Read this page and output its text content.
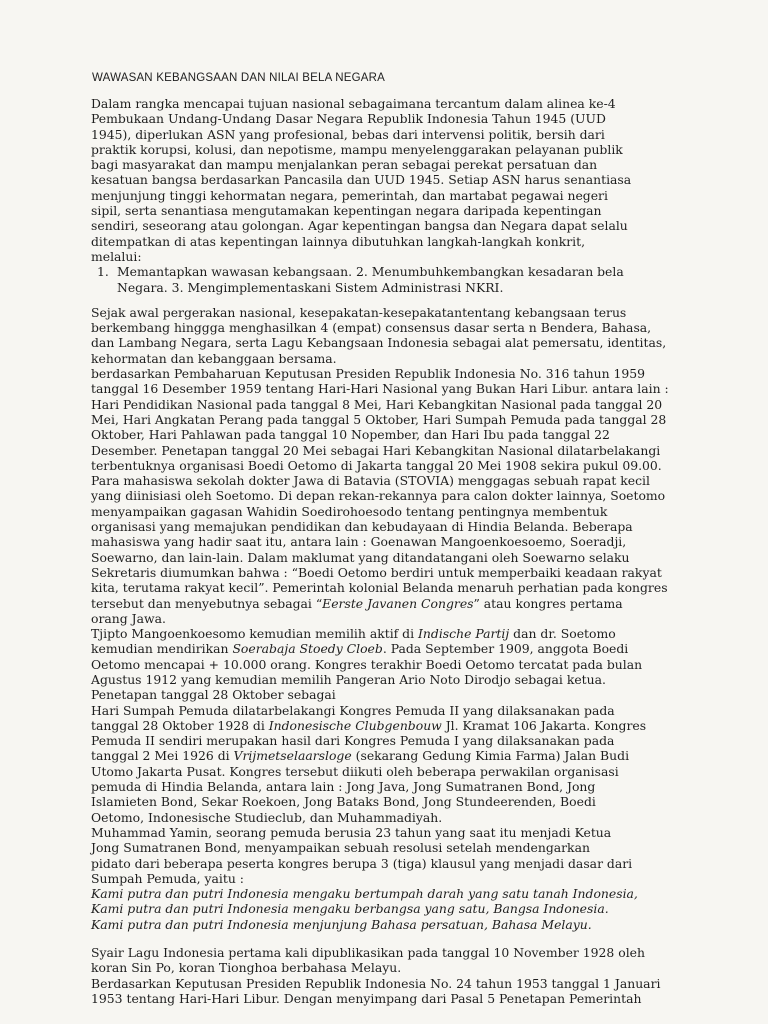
WAWASAN KEBANGSAAN DAN NILAI BELA NEGARA
Dalam rangka mencapai tujuan nasional sebagaimana tercantum dalam alinea ke-4
Pembukaan Undang-Undang Dasar Negara Republik Indonesia Tahun 1945 (UUD
1945), diperlukan ASN yang profesional, bebas dari intervensi politik, bersih dari
praktik korupsi, kolusi, dan nepotisme, mampu menyelenggarakan pelayanan publik
bagi masyarakat dan mampu menjalankan peran sebagai perekat persatuan dan
kesatuan bangsa berdasarkan Pancasila dan UUD 1945. Setiap ASN harus senantiasa
menjunjung tinggi kehormatan negara, pemerintah, dan martabat pegawai negeri
sipil, serta senantiasa mengutamakan kepentingan negara daripada kepentingan
sendiri, seseorang atau golongan. Agar kepentingan bangsa dan Negara dapat selalu
ditempatkan di atas kepentingan lainnya dibutuhkan langkah-langkah konkrit,
melalui:
1. Memantapkan wawasan kebangsaan. 2. Menumbuhkembangkan kesadaran bela
Negara. 3. Mengimplementaskani Sistem Administrasi NKRI.
Sejak awal pergerakan nasional, kesepakatan-kesepakatantentang kebangsaan terus
berkembang hinggga menghasilkan 4 (empat) consensus dasar serta n Bendera, Bahasa,
dan Lambang Negara, serta Lagu Kebangsaan Indonesia sebagai alat pemersatu, identitas,
kehormatan dan kebanggaan bersama.
berdasarkan Pembaharuan Keputusan Presiden Republik Indonesia No. 316 tahun 1959
tanggal 16 Desember 1959 tentang Hari-Hari Nasional yang Bukan Hari Libur. antara lain :
Hari Pendidikan Nasional pada tanggal 8 Mei, Hari Kebangkitan Nasional pada tanggal 20
Mei, Hari Angkatan Perang pada tanggal 5 Oktober, Hari Sumpah Pemuda pada tanggal 28
Oktober, Hari Pahlawan pada tanggal 10 Nopember, dan Hari Ibu pada tanggal 22
Desember. Penetapan tanggal 20 Mei sebagai Hari Kebangkitan Nasional dilatarbelakangi
terbentuknya organisasi Boedi Oetomo di Jakarta tanggal 20 Mei 1908 sekira pukul 09.00.
Para mahasiswa sekolah dokter Jawa di Batavia (STOVIA) menggagas sebuah rapat kecil
yang diinisiasi oleh Soetomo. Di depan rekan-rekannya para calon dokter lainnya, Soetomo
menyampaikan gagasan Wahidin Soedirohoesodo tentang pentingnya membentuk
organisasi yang memajukan pendidikan dan kebudayaan di Hindia Belanda. Beberapa
mahasiswa yang hadir saat itu, antara lain : Goenawan Mangoenkoesoemo, Soeradji,
Soewarno, dan lain-lain. Dalam maklumat yang ditandatangani oleh Soewarno selaku
Sekretaris diumumkan bahwa : “Boedi Oetomo berdiri untuk memperbaiki keadaan rakyat
kita, terutama rakyat kecil”. Pemerintah kolonial Belanda menaruh perhatian pada kongres
tersebut dan menyebutnya sebagai “Eerste Javanen Congres” atau kongres pertama
orang Jawa.
Tjipto Mangoenkoesomo kemudian memilih aktif di Indische Partij dan dr. Soetomo
kemudian mendirikan Soerabaja Stoedy Cloeb. Pada September 1909, anggota Boedi
Oetomo mencapai + 10.000 orang. Kongres terakhir Boedi Oetomo tercatat pada bulan
Agustus 1912 yang kemudian memilih Pangeran Ario Noto Dirodjo sebagai ketua.
Penetapan tanggal 28 Oktober sebagai
Hari Sumpah Pemuda dilatarbelakangi Kongres Pemuda II yang dilaksanakan pada
tanggal 28 Oktober 1928 di Indonesische Clubgenbouw Jl. Kramat 106 Jakarta. Kongres
Pemuda II sendiri merupakan hasil dari Kongres Pemuda I yang dilaksanakan pada
tanggal 2 Mei 1926 di Vrijmetselaarsloge (sekarang Gedung Kimia Farma) Jalan Budi
Utomo Jakarta Pusat. Kongres tersebut diikuti oleh beberapa perwakilan organisasi
pemuda di Hindia Belanda, antara lain : Jong Java, Jong Sumatranen Bond, Jong
Islamieten Bond, Sekar Roekoen, Jong Bataks Bond, Jong Stundeerenden, Boedi
Oetomo, Indonesische Studieclub, dan Muhammadiyah.
Muhammad Yamin, seorang pemuda berusia 23 tahun yang saat itu menjadi Ketua
Jong Sumatranen Bond, menyampaikan sebuah resolusi setelah mendengarkan
pidato dari beberapa peserta kongres berupa 3 (tiga) klausul yang menjadi dasar dari
Sumpah Pemuda, yaitu :
Kami putra dan putri Indonesia mengaku bertumpah darah yang satu tanah Indonesia,
Kami putra dan putri Indonesia mengaku berbangsa yang satu, Bangsa Indonesia.
Kami putra dan putri Indonesia menjunjung Bahasa persatuan, Bahasa Melayu.
Syair Lagu Indonesia pertama kali dipublikasikan pada tanggal 10 November 1928 oleh
koran Sin Po, koran Tionghoa berbahasa Melayu.
Berdasarkan Keputusan Presiden Republik Indonesia No. 24 tahun 1953 tanggal 1 Januari
1953 tentang Hari-Hari Libur. Dengan menyimpang dari Pasal 5 Penetapan Pemerintah
